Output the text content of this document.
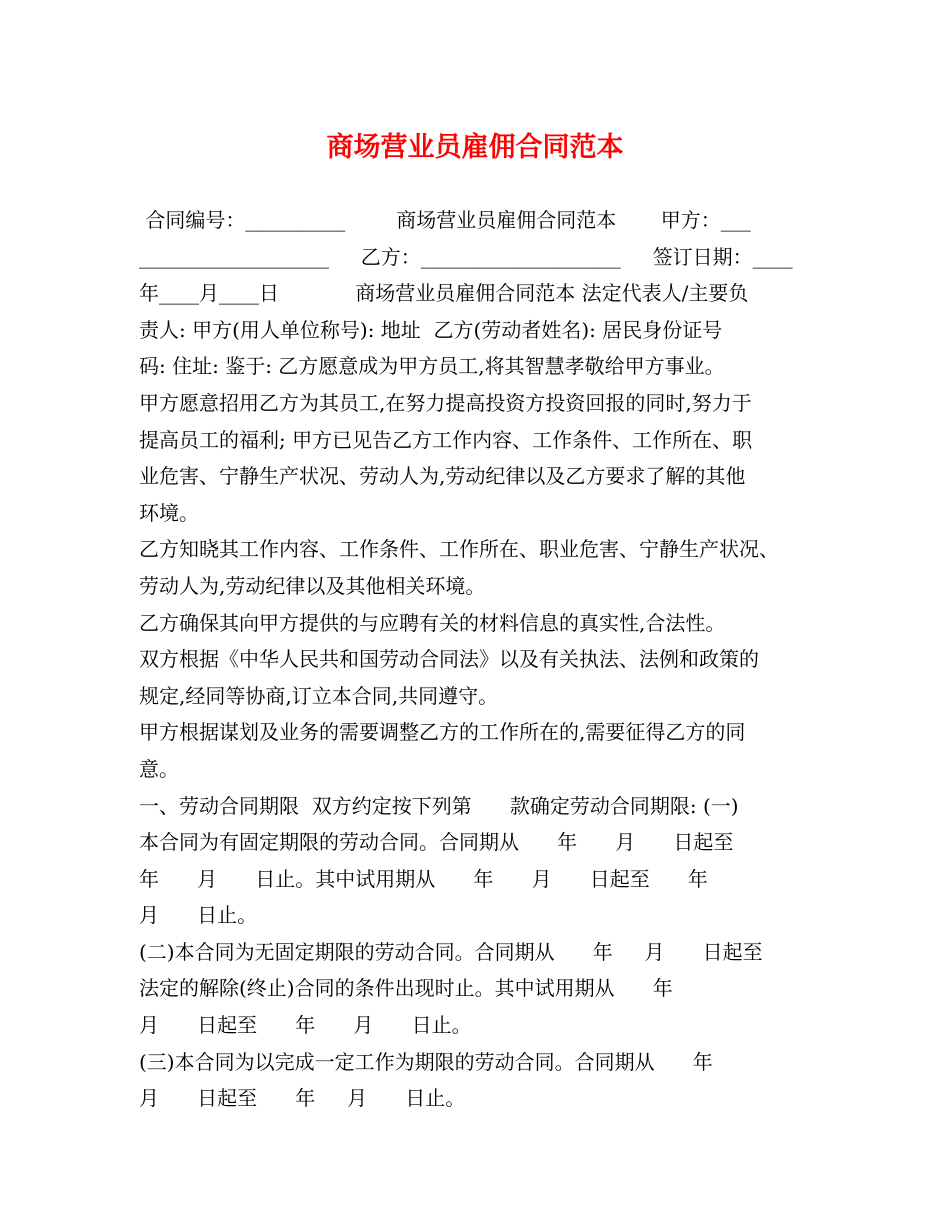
商场营业员雇佣合同范本
合同编号：__________        商场营业员雇佣合同范本       甲方：___
___________________     乙方：____________________     签订日期：____
年____月____日            商场营业员雇佣合同范本 法定代表人/主要负
责人: 甲方(用人单位称号): 地址  乙方(劳动者姓名): 居民身份证号
码: 住址: 鉴于: 乙方愿意成为甲方员工,将其智慧孝敬给甲方事业。
甲方愿意招用乙方为其员工,在努力提高投资方投资回报的同时,努力于
提高员工的福利; 甲方已见告乙方工作内容、工作条件、工作所在、职
业危害、宁静生产状况、劳动人为,劳动纪律以及乙方要求了解的其他
环境。
乙方知晓其工作内容、工作条件、工作所在、职业危害、宁静生产状况、
劳动人为,劳动纪律以及其他相关环境。
乙方确保其向甲方提供的与应聘有关的材料信息的真实性,合法性。
双方根据《中华人民共和国劳动合同法》以及有关执法、法例和政策的
规定,经同等协商,订立本合同,共同遵守。
甲方根据谋划及业务的需要调整乙方的工作所在的,需要征得乙方的同
意。
一、劳动合同期限  双方约定按下列第      款确定劳动合同期限: (一)
本合同为有固定期限的劳动合同。合同期从      年      月      日起至
年      月      日止。其中试用期从      年      月      日起至      年
月      日止。
(二)本合同为无固定期限的劳动合同。合同期从      年     月      日起至
法定的解除(终止)合同的条件出现时止。其中试用期从      年
月      日起至      年      月      日止。
(三)本合同为以完成一定工作为期限的劳动合同。合同期从      年
月      日起至      年     月      日止。
